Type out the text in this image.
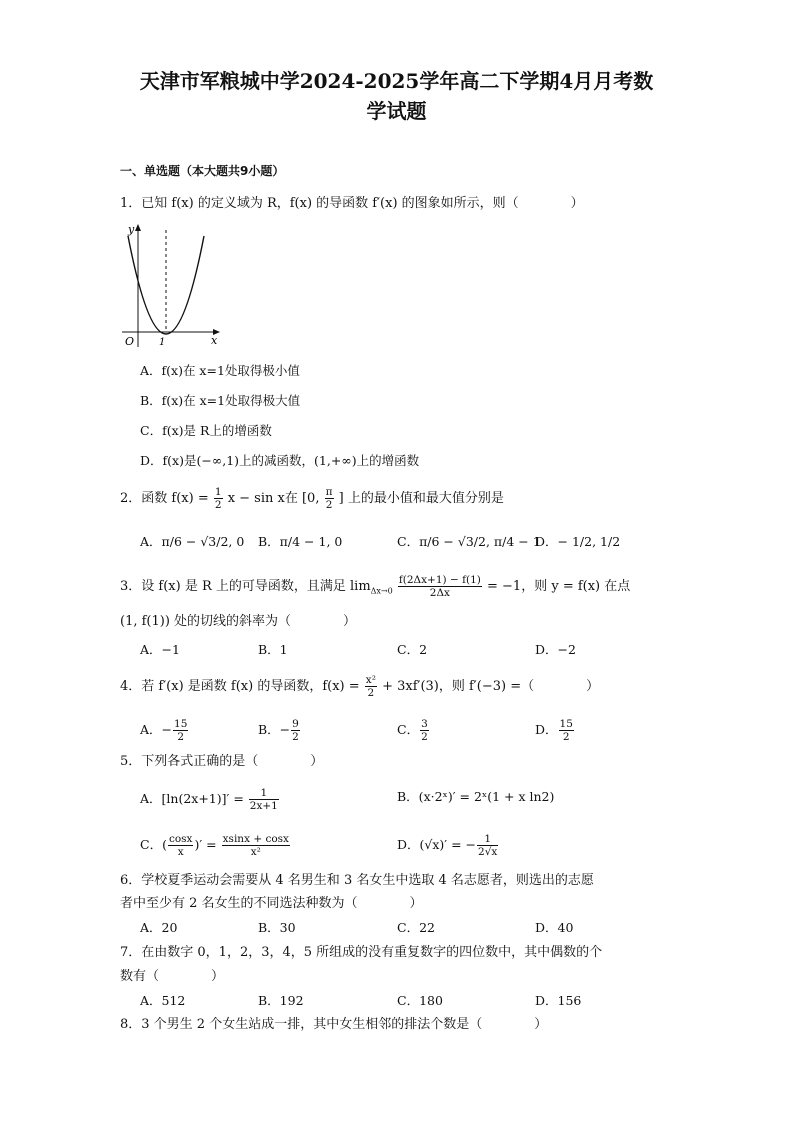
天津市军粮城中学2024-2025学年高二下学期4月月考数
学试题
一、单选题（本大题共9小题）
1．已知 f(x) 的定义域为 R，f(x) 的导函数 f′(x) 的图象如所示，则（　　　　）
y
x
O 1
A．f(x)在 x=1处取得极小值
B．f(x)在 x=1处取得极大值
C．f(x)是 R上的增函数
D．f(x)是(−∞,1)上的减函数，(1,+∞)上的增函数
2．函数 $f(x) = \frac{1}{2}$ x − sin x在 [0, $\frac{\pi}{2}$ ] 上的最小值和最大值分别是
A．π/6 − √3/2, 0 B．π/4 − 1, 0	C．π/6 − √3/2, π/4 − 1
D．− 1/2, 1/2
3．设 f(x) 是 R 上的可导函数，且满足 $\lim_{\Delta x\to 0} \frac{f(2\Delta x+1) - f(1)}{2\Delta x} = -1$，则 y = f(x) 在点
(1, f(1)) 处的切线的斜率为（　　　　）
A．−1	B．1	C．2	D．−2
4．若 f′(x) 是函数 f(x) 的导函数，$f(x) = \frac{\text{x²}}{2} + 3xf'(3)$，则 f′(−3) =（　　　　）
A．− $\frac{15}{2}$	B．− $\frac{9}{2}$	C． $\frac{3}{2}$	D． $\frac{15}{2}$
5．下列各式正确的是（　　　　）
A．$[\ln(2x+1)]' = \frac{1}{2x+1}$	B．(x·2ˣ)′ = 2ˣ(1 + x ln2)
C．( $\frac{\cos x}{x}$ )′ = $\frac{xsinx + \cos x}{\text{x²}}$	D．(√x)′ = − $\frac{1}{2√x}$
6．学校夏季运动会需要从 4 名男生和 3 名女生中选取 4 名志愿者，则选出的志愿
者中至少有 2 名女生的不同选法种数为（　　　　）
A．20	B．30	C．22	D．40
7．在由数字 0，1，2，3，4，5 所组成的没有重复数字的四位数中，其中偶数的个
数有（　　　　）
A．512	B．192	C．180	D．156
8．3 个男生 2 个女生站成一排，其中女生相邻的排法个数是（　　　　）
